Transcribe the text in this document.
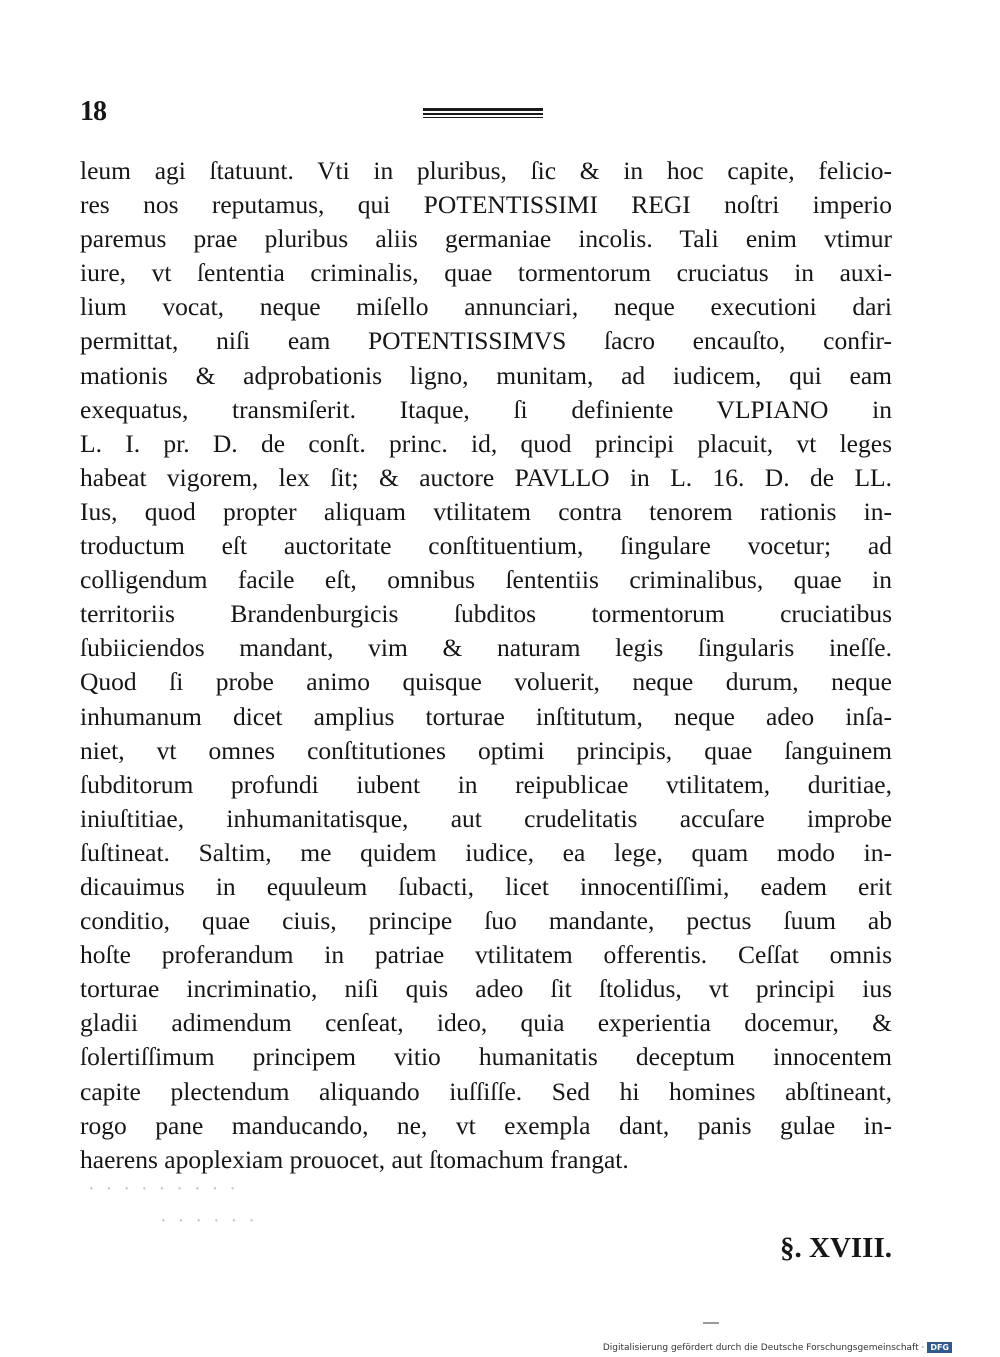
18
leum agi ſtatuunt. Vti in pluribus, ſic & in hoc capite, felicio-
res nos reputamus, qui POTENTISSIMI REGI noſtri imperio
paremus prae pluribus aliis germaniae incolis. Tali enim vtimur
iure, vt ſententia criminalis, quae tormentorum cruciatus in auxi-
lium vocat, neque miſello annunciari, neque executioni dari
permittat, niſi eam POTENTISSIMVS ſacro encauſto, confir-
mationis & adprobationis ligno, munitam, ad iudicem, qui eam
exequatus, transmiſerit. Itaque, ſi definiente VLPIANO in
L. I. pr. D. de conſt. princ. id, quod principi placuit, vt leges
habeat vigorem, lex ſit; & auctore PAVLLO in L. 16. D. de LL.
Ius, quod propter aliquam vtilitatem contra tenorem rationis in-
troductum eſt auctoritate conſtituentium, ſingulare vocetur; ad
colligendum facile eſt, omnibus ſententiis criminalibus, quae in
territoriis Brandenburgicis ſubditos tormentorum cruciatibus
ſubiiciendos mandant, vim & naturam legis ſingularis ineſſe.
Quod ſi probe animo quisque voluerit, neque durum, neque
inhumanum dicet amplius torturae inſtitutum, neque adeo inſa-
niet, vt omnes conſtitutiones optimi principis, quae ſanguinem
ſubditorum profundi iubent in reipublicae vtilitatem, duritiae,
iniuſtitiae, inhumanitatisque, aut crudelitatis accuſare improbe
ſuſtineat. Saltim, me quidem iudice, ea lege, quam modo in-
dicauimus in equuleum ſubacti, licet innocentiſſimi, eadem erit
conditio, quae ciuis, principe ſuo mandante, pectus ſuum ab
hoſte proferandum in patriae vtilitatem offerentis. Ceſſat omnis
torturae incriminatio, niſi quis adeo ſit ſtolidus, vt principi ius
gladii adimendum cenſeat, ideo, quia experientia docemur, &
ſolertiſſimum principem vitio humanitatis deceptum innocentem
capite plectendum aliquando iuſſiſſe. Sed hi homines abſtineant,
rogo pane manducando, ne, vt exempla dant, panis gulae in-
haerens apoplexiam prouocet, aut ſtomachum frangat.
· · · · · · · · ·
· · · · · ·
§. XVIII.
Digitalisierung gefördert durch die Deutsche Forschungsgemeinschaft · DFG
